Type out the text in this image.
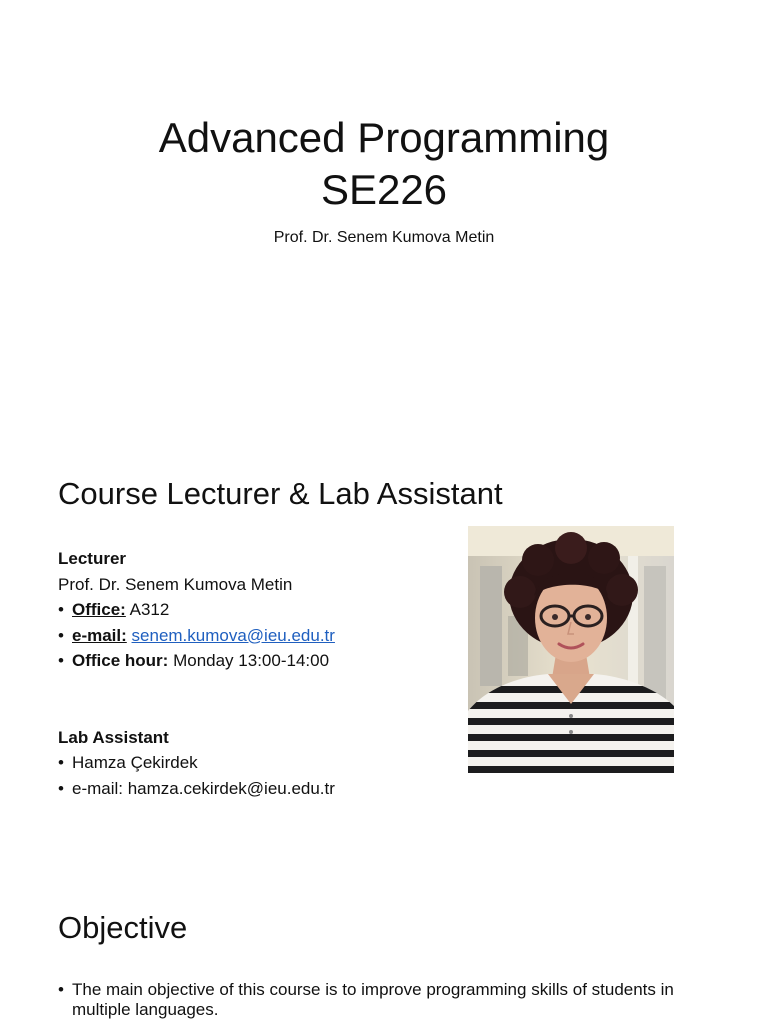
Advanced Programming
SE226
Prof. Dr. Senem Kumova Metin
Course Lecturer & Lab Assistant
Lecturer
Prof. Dr. Senem Kumova Metin
• Office: A312
• e-mail: senem.kumova@ieu.edu.tr
• Office hour: Monday 13:00-14:00
Lab Assistant
• Hamza Çekirdek
• e-mail: hamza.cekirdek@ieu.edu.tr
Objective
• The main objective of this course is to improve programming skills of students in multiple languages.
